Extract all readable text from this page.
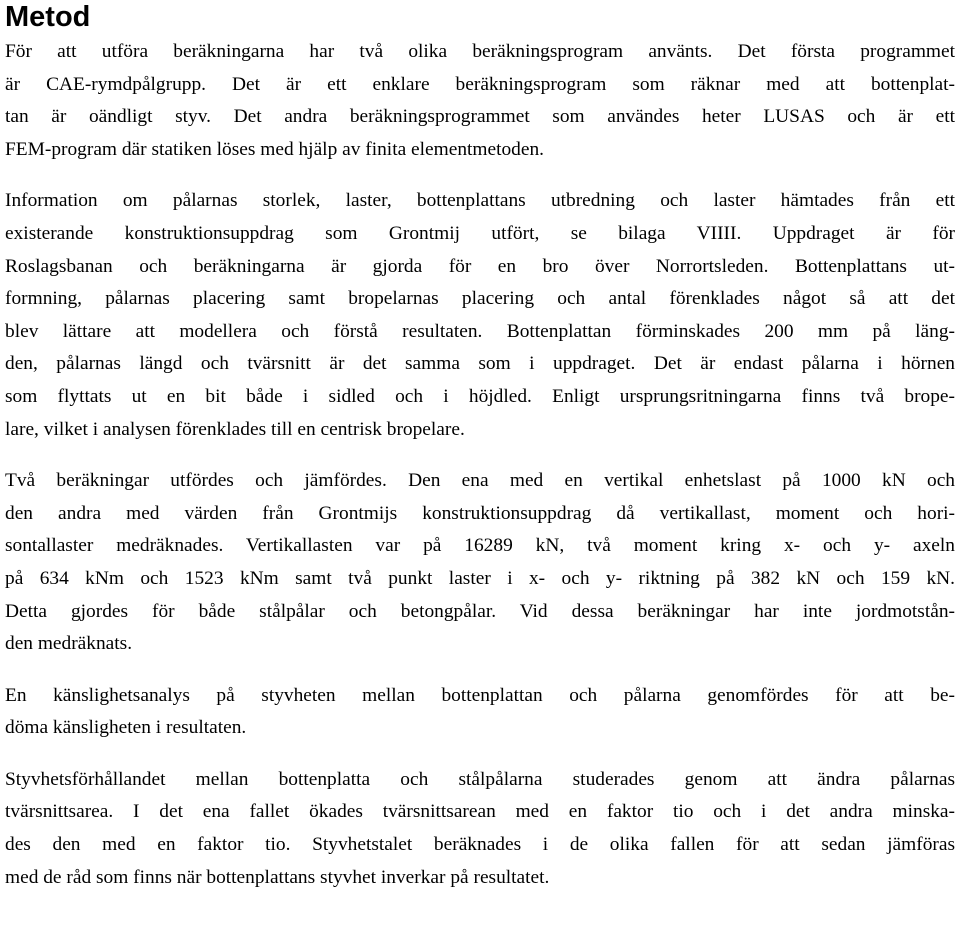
Metod
För att utföra beräkningarna har två olika beräkningsprogram använts. Det första programmet
är CAE-rymdpålgrupp. Det är ett enklare beräkningsprogram som räknar med att bottenplat-
tan är oändligt styv. Det andra beräkningsprogrammet som användes heter LUSAS och är ett
FEM-program där statiken löses med hjälp av finita elementmetoden.
Information om pålarnas storlek, laster, bottenplattans utbredning och laster hämtades från ett
existerande konstruktionsuppdrag som Grontmij utfört, se bilaga VIIII. Uppdraget är för
Roslagsbanan och beräkningarna är gjorda för en bro över Norrortsleden. Bottenplattans ut-
formning, pålarnas placering samt bropelarnas placering och antal förenklades något så att det
blev lättare att modellera och förstå resultaten. Bottenplattan förminskades 200 mm på läng-
den, pålarnas längd och tvärsnitt är det samma som i uppdraget. Det är endast pålarna i hörnen
som flyttats ut en bit både i sidled och i höjdled. Enligt ursprungsritningarna finns två brope-
lare, vilket i analysen förenklades till en centrisk bropelare.
Två beräkningar utfördes och jämfördes. Den ena med en vertikal enhetslast på 1000 kN och
den andra med värden från Grontmijs konstruktionsuppdrag då vertikallast, moment och hori-
sontallaster medräknades. Vertikallasten var på 16289 kN, två moment kring x- och y- axeln
på 634 kNm och 1523 kNm samt två punkt laster i x- och y- riktning på 382 kN och 159 kN.
Detta gjordes för både stålpålar och betongpålar. Vid dessa beräkningar har inte jordmotstån-
den medräknats.
En känslighetsanalys på styvheten mellan bottenplattan och pålarna genomfördes för att be-
döma känsligheten i resultaten.
Styvhetsförhållandet mellan bottenplatta och stålpålarna studerades genom att ändra pålarnas
tvärsnittsarea. I det ena fallet ökades tvärsnittsarean med en faktor tio och i det andra minska-
des den med en faktor tio. Styvhetstalet beräknades i de olika fallen för att sedan jämföras
med de råd som finns när bottenplattans styvhet inverkar på resultatet.
